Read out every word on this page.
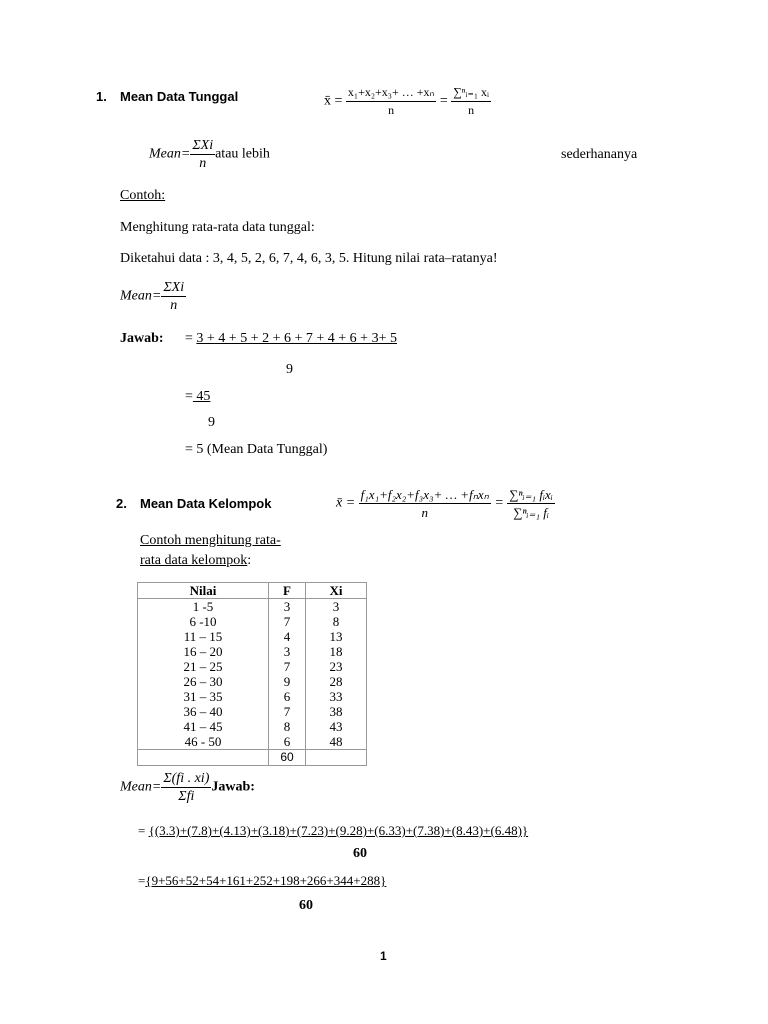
1. Mean Data Tunggal	x̄ = $\frac{\text{x₁+x₂+x₃+ … +xₙ}}{n} = \frac{\text{∑ⁿᵢ₌₁ xᵢ}}{n}$
Mean= $\frac{\text{ΣXi}}{n}$ atau lebih	sederhananya
Contoh:
Menghitung rata-rata data tunggal:
Diketahui data : 3, 4, 5, 2, 6, 7, 4, 6, 3, 5. Hitung nilai rata–ratanya!
Mean= $\frac{\text{ΣXi}}{n}$
Jawab: = 3 + 4 + 5 + 2 + 6 + 7 + 4 + 6 + 3+ 5
9
= 45
9
= 5 (Mean Data Tunggal)
2. Mean Data Kelompok	x̄ = $\frac{\text{f₁x₁+f₂x₂+f₃x₃+ … +fₙxₙ}}{n} = \frac{\text{∑ⁿᵢ₌₁ fᵢxᵢ}}{\text{∑ⁿᵢ₌₁ fᵢ}}$
Contoh menghitung rata-
rata data kelompok:
Nilai	F	Xi
1 -5	3	3
6 -10	7	8
11 – 15	4	13
16 – 20	3	18
21 – 25	7	23
26 – 30	9	28
31 – 35	6	33
36 – 40	7	38
41 – 45	8	43
46 - 50	6	48
	60	
Mean= $\frac{\Sigma(fi . xi)}{\text{Σfi}}$ Jawab:
= {(3.3)+(7.8)+(4.13)+(3.18)+(7.23)+(9.28)+(6.33)+(7.38)+(8.43)+(6.48)}
60
={9+56+52+54+161+252+198+266+344+288}
60
1
